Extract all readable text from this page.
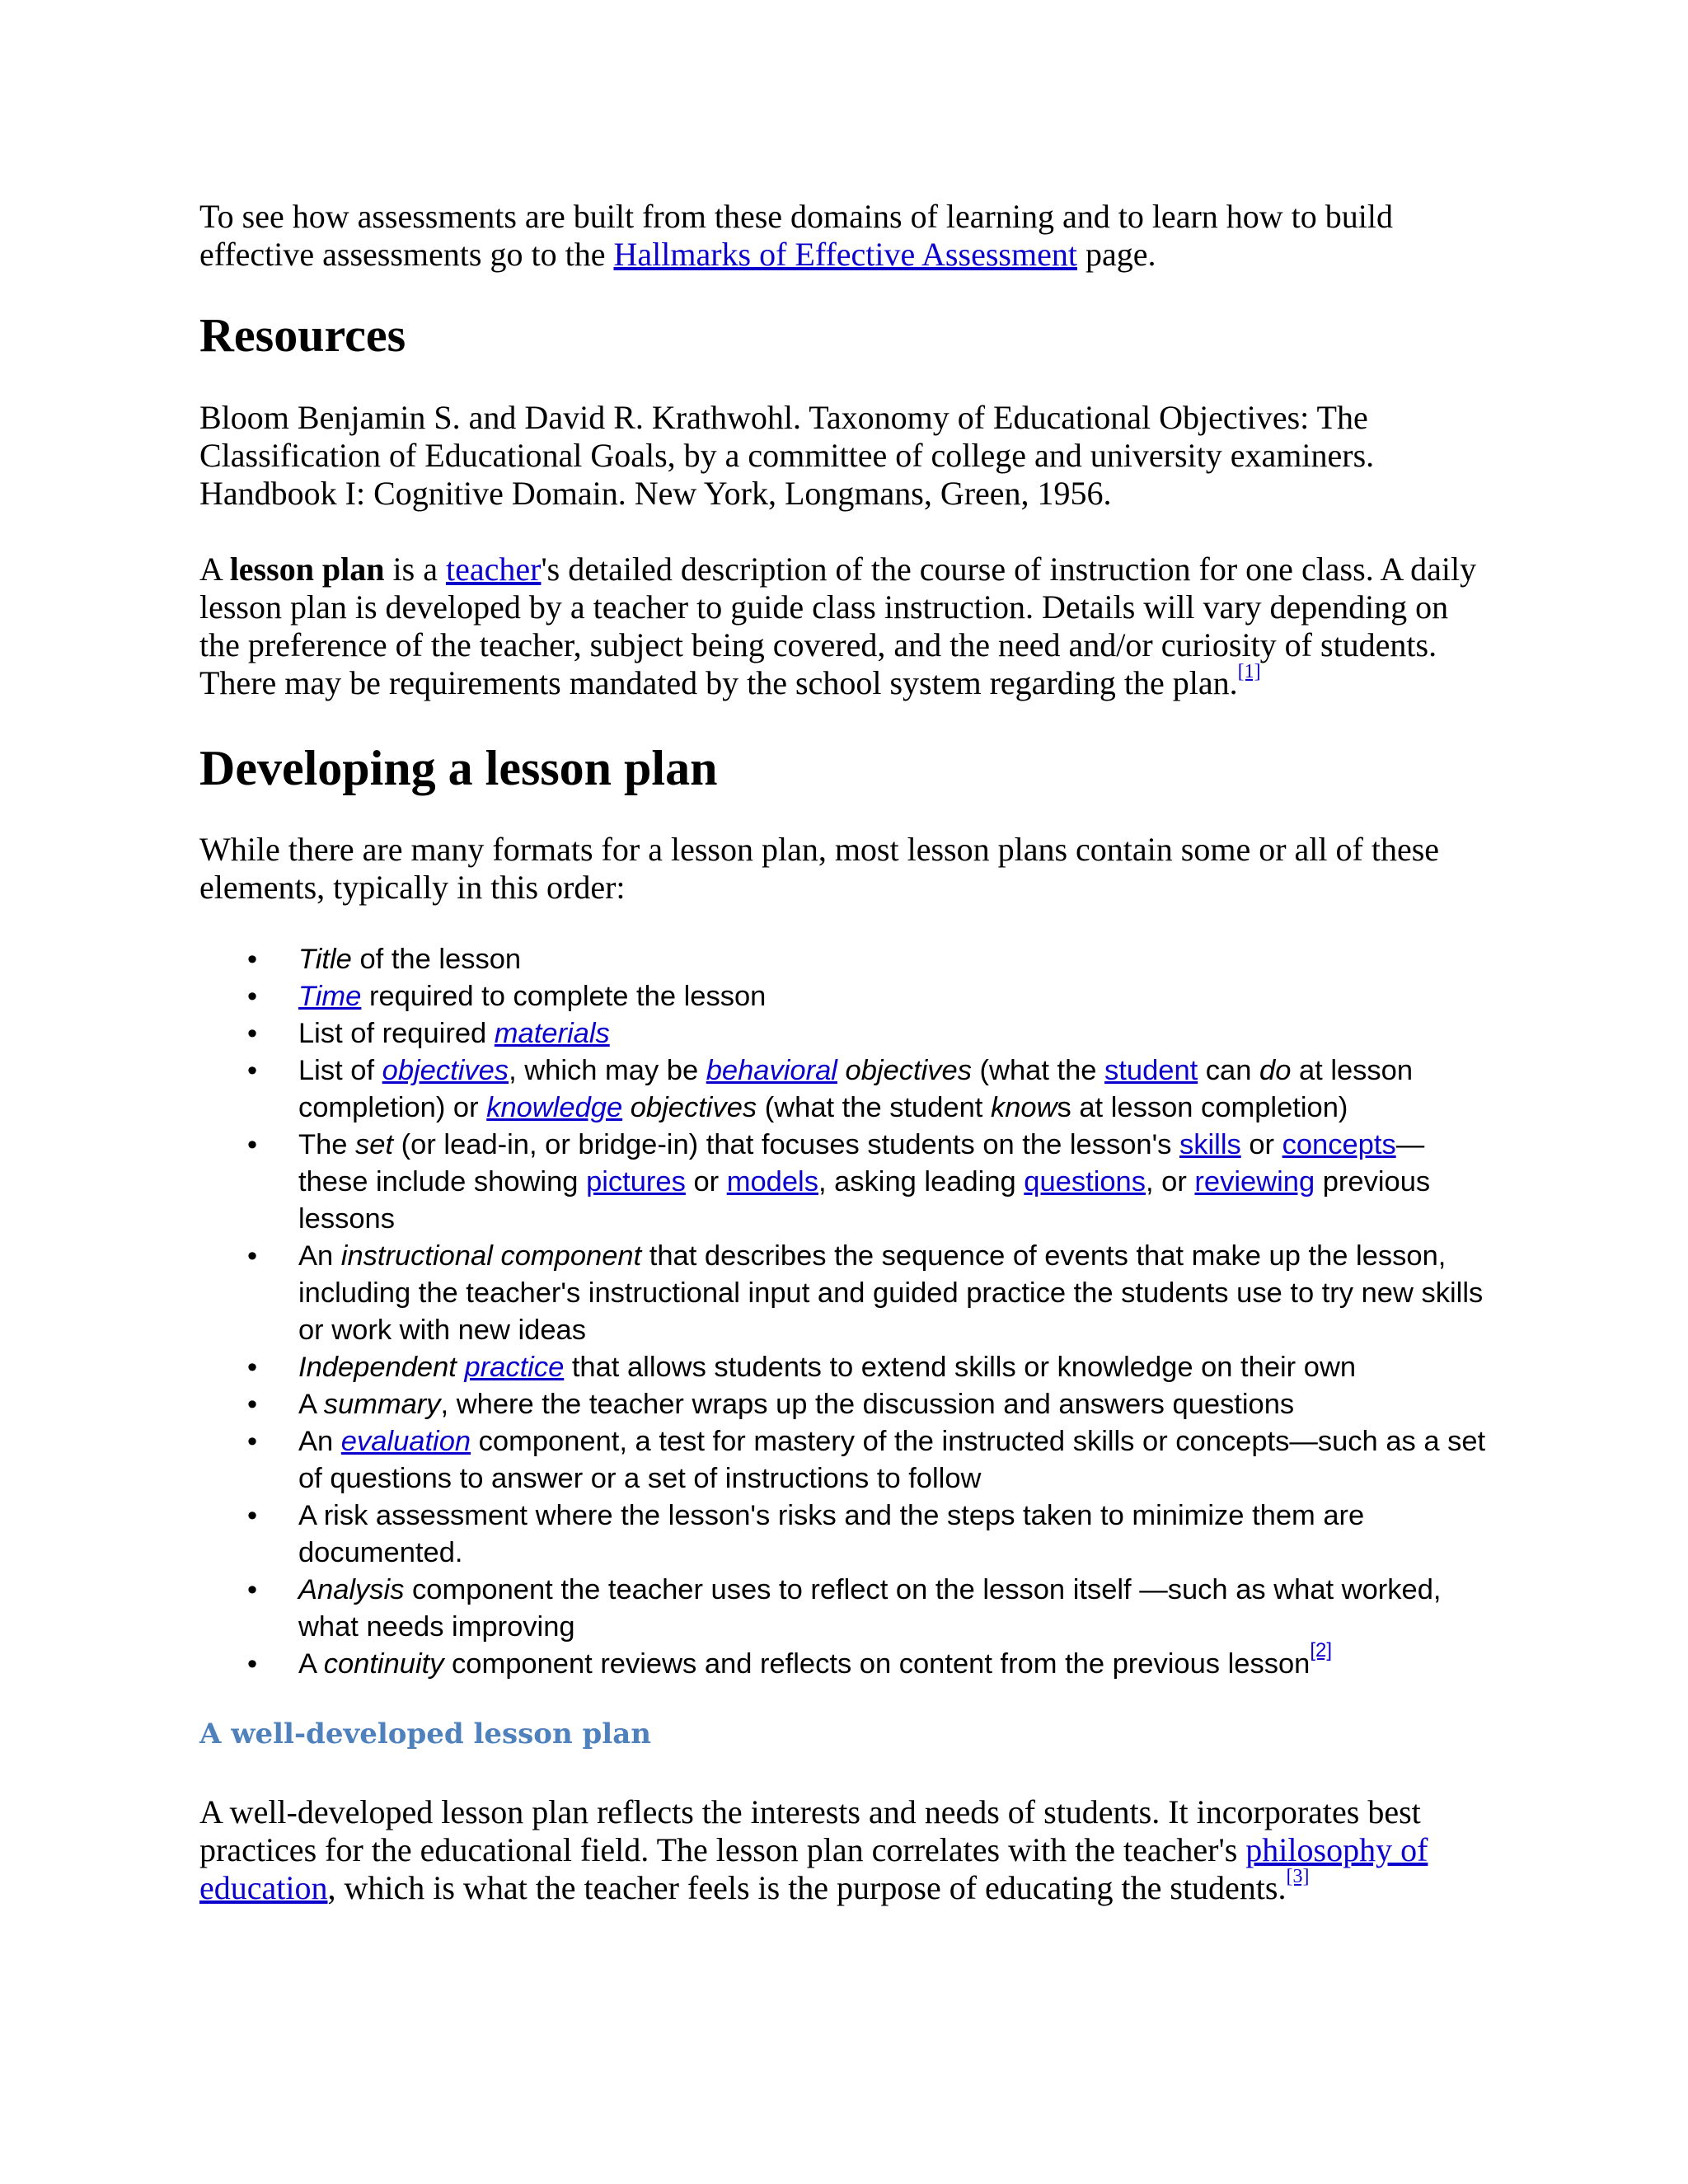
To see how assessments are built from these domains of learning and to learn how to build effective assessments go to the Hallmarks of Effective Assessment page.

Resources

Bloom Benjamin S. and David R. Krathwohl. Taxonomy of Educational Objectives: The Classification of Educational Goals, by a committee of college and university examiners. Handbook I: Cognitive Domain. New York, Longmans, Green, 1956.

A lesson plan is a teacher's detailed description of the course of instruction for one class. A daily lesson plan is developed by a teacher to guide class instruction. Details will vary depending on the preference of the teacher, subject being covered, and the need and/or curiosity of students. There may be requirements mandated by the school system regarding the plan.[1]

Developing a lesson plan

While there are many formats for a lesson plan, most lesson plans contain some or all of these elements, typically in this order:

• Title of the lesson
• Time required to complete the lesson
• List of required materials
• List of objectives, which may be behavioral objectives (what the student can do at lesson completion) or knowledge objectives (what the student knows at lesson completion)
• The set (or lead-in, or bridge-in) that focuses students on the lesson's skills or concepts—these include showing pictures or models, asking leading questions, or reviewing previous lessons
• An instructional component that describes the sequence of events that make up the lesson, including the teacher's instructional input and guided practice the students use to try new skills or work with new ideas
• Independent practice that allows students to extend skills or knowledge on their own
• A summary, where the teacher wraps up the discussion and answers questions
• An evaluation component, a test for mastery of the instructed skills or concepts—such as a set of questions to answer or a set of instructions to follow
• A risk assessment where the lesson's risks and the steps taken to minimize them are documented.
• Analysis component the teacher uses to reflect on the lesson itself —such as what worked, what needs improving
• A continuity component reviews and reflects on content from the previous lesson[2]
A well-developed lesson plan

A well-developed lesson plan reflects the interests and needs of students. It incorporates best practices for the educational field. The lesson plan correlates with the teacher's philosophy of education, which is what the teacher feels is the purpose of educating the students.[3]
